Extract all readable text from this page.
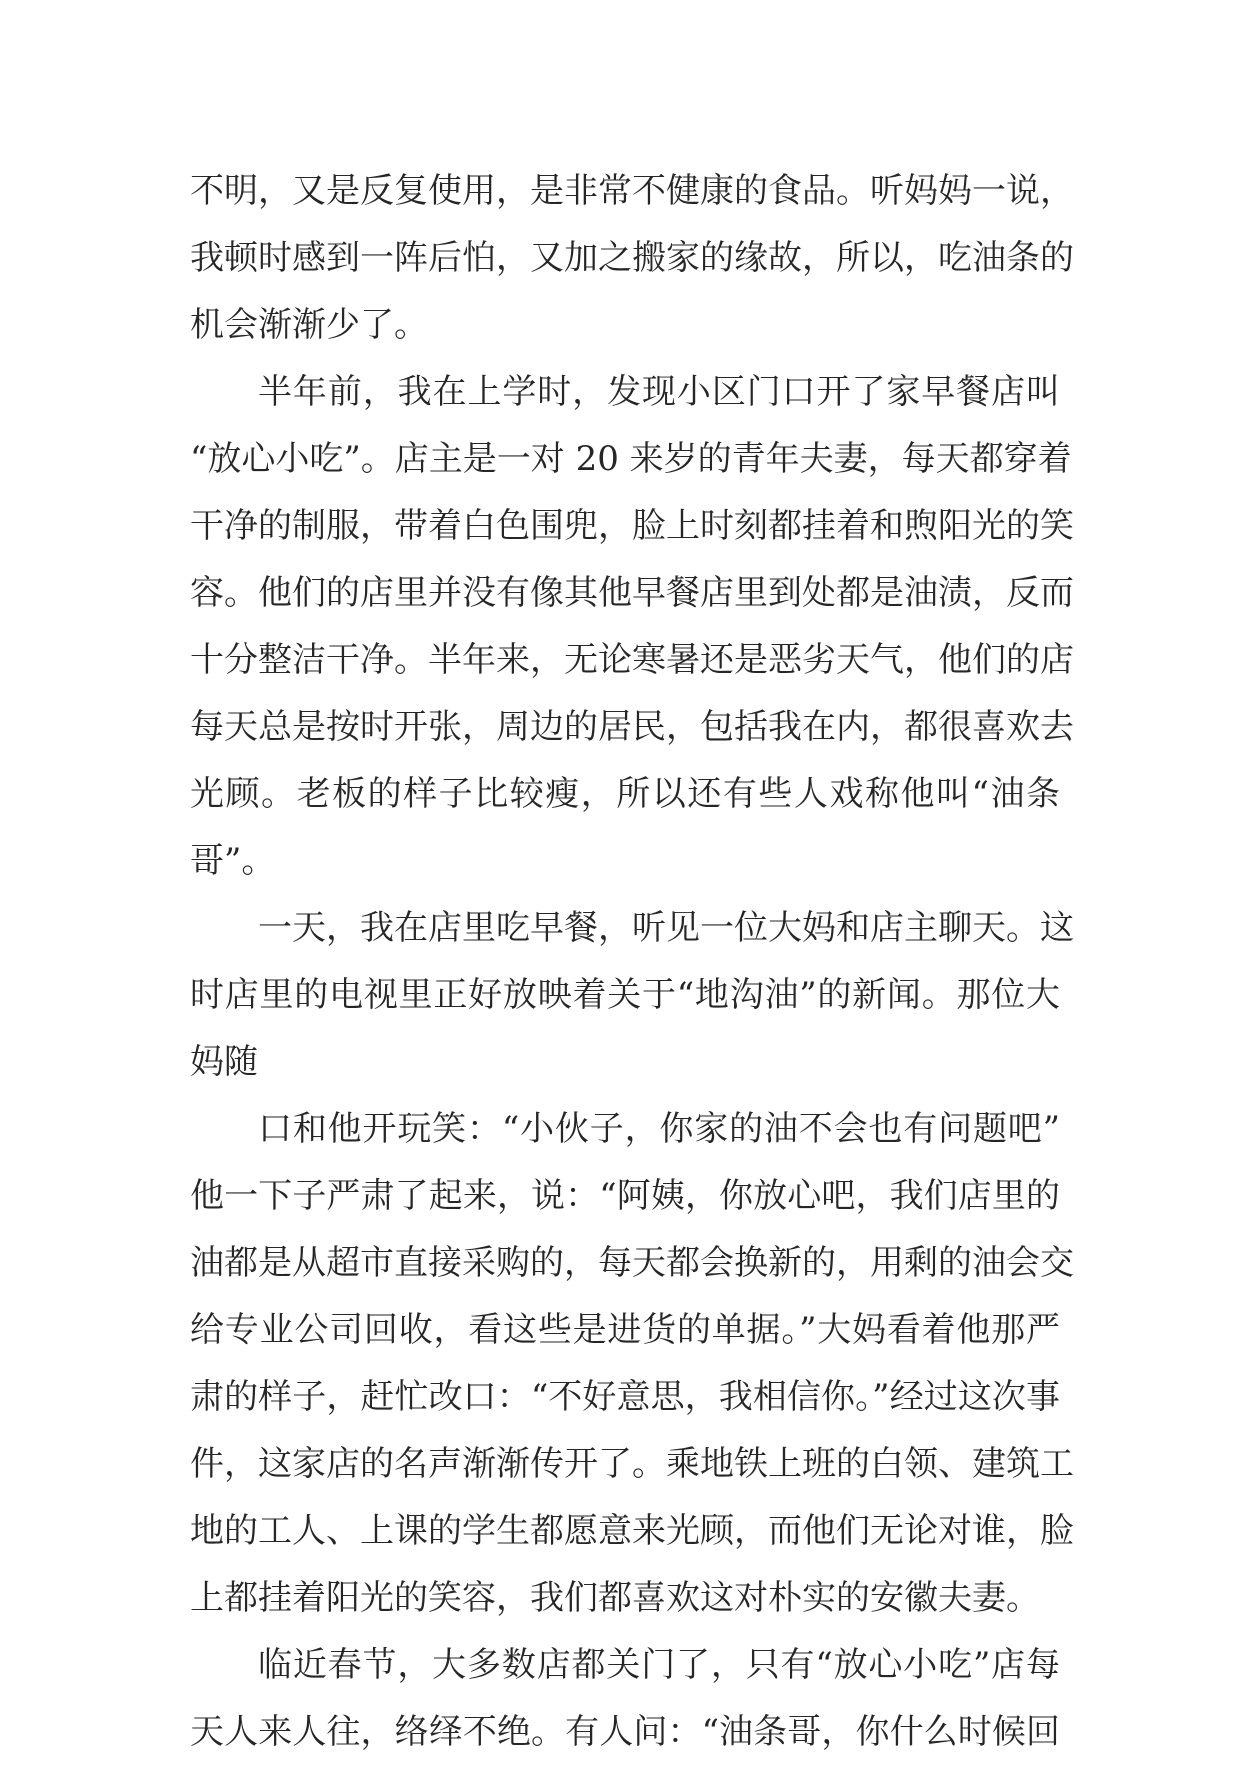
不明，又是反复使用，是非常不健康的食品。听妈妈一说，
我顿时感到一阵后怕，又加之搬家的缘故，所以，吃油条的
机会渐渐少了。
半年前，我在上学时，发现小区门口开了家早餐店叫
“放心小吃”。店主是一对 20 来岁的青年夫妻，每天都穿着
干净的制服，带着白色围兜，脸上时刻都挂着和煦阳光的笑
容。他们的店里并没有像其他早餐店里到处都是油渍，反而
十分整洁干净。半年来，无论寒暑还是恶劣天气，他们的店
每天总是按时开张，周边的居民，包括我在内，都很喜欢去
光顾。老板的样子比较瘦，所以还有些人戏称他叫“油条
哥”。
一天，我在店里吃早餐，听见一位大妈和店主聊天。这
时店里的电视里正好放映着关于“地沟油”的新闻。那位大
妈随
口和他开玩笑：“小伙子，你家的油不会也有问题吧”
他一下子严肃了起来，说：“阿姨，你放心吧，我们店里的
油都是从超市直接采购的，每天都会换新的，用剩的油会交
给专业公司回收，看这些是进货的单据。”大妈看着他那严
肃的样子，赶忙改口：“不好意思，我相信你。”经过这次事
件，这家店的名声渐渐传开了。乘地铁上班的白领、建筑工
地的工人、上课的学生都愿意来光顾，而他们无论对谁，脸
上都挂着阳光的笑容，我们都喜欢这对朴实的安徽夫妻。
临近春节，大多数店都关门了，只有“放心小吃”店每
天人来人往，络绎不绝。有人问：“油条哥，你什么时候回
